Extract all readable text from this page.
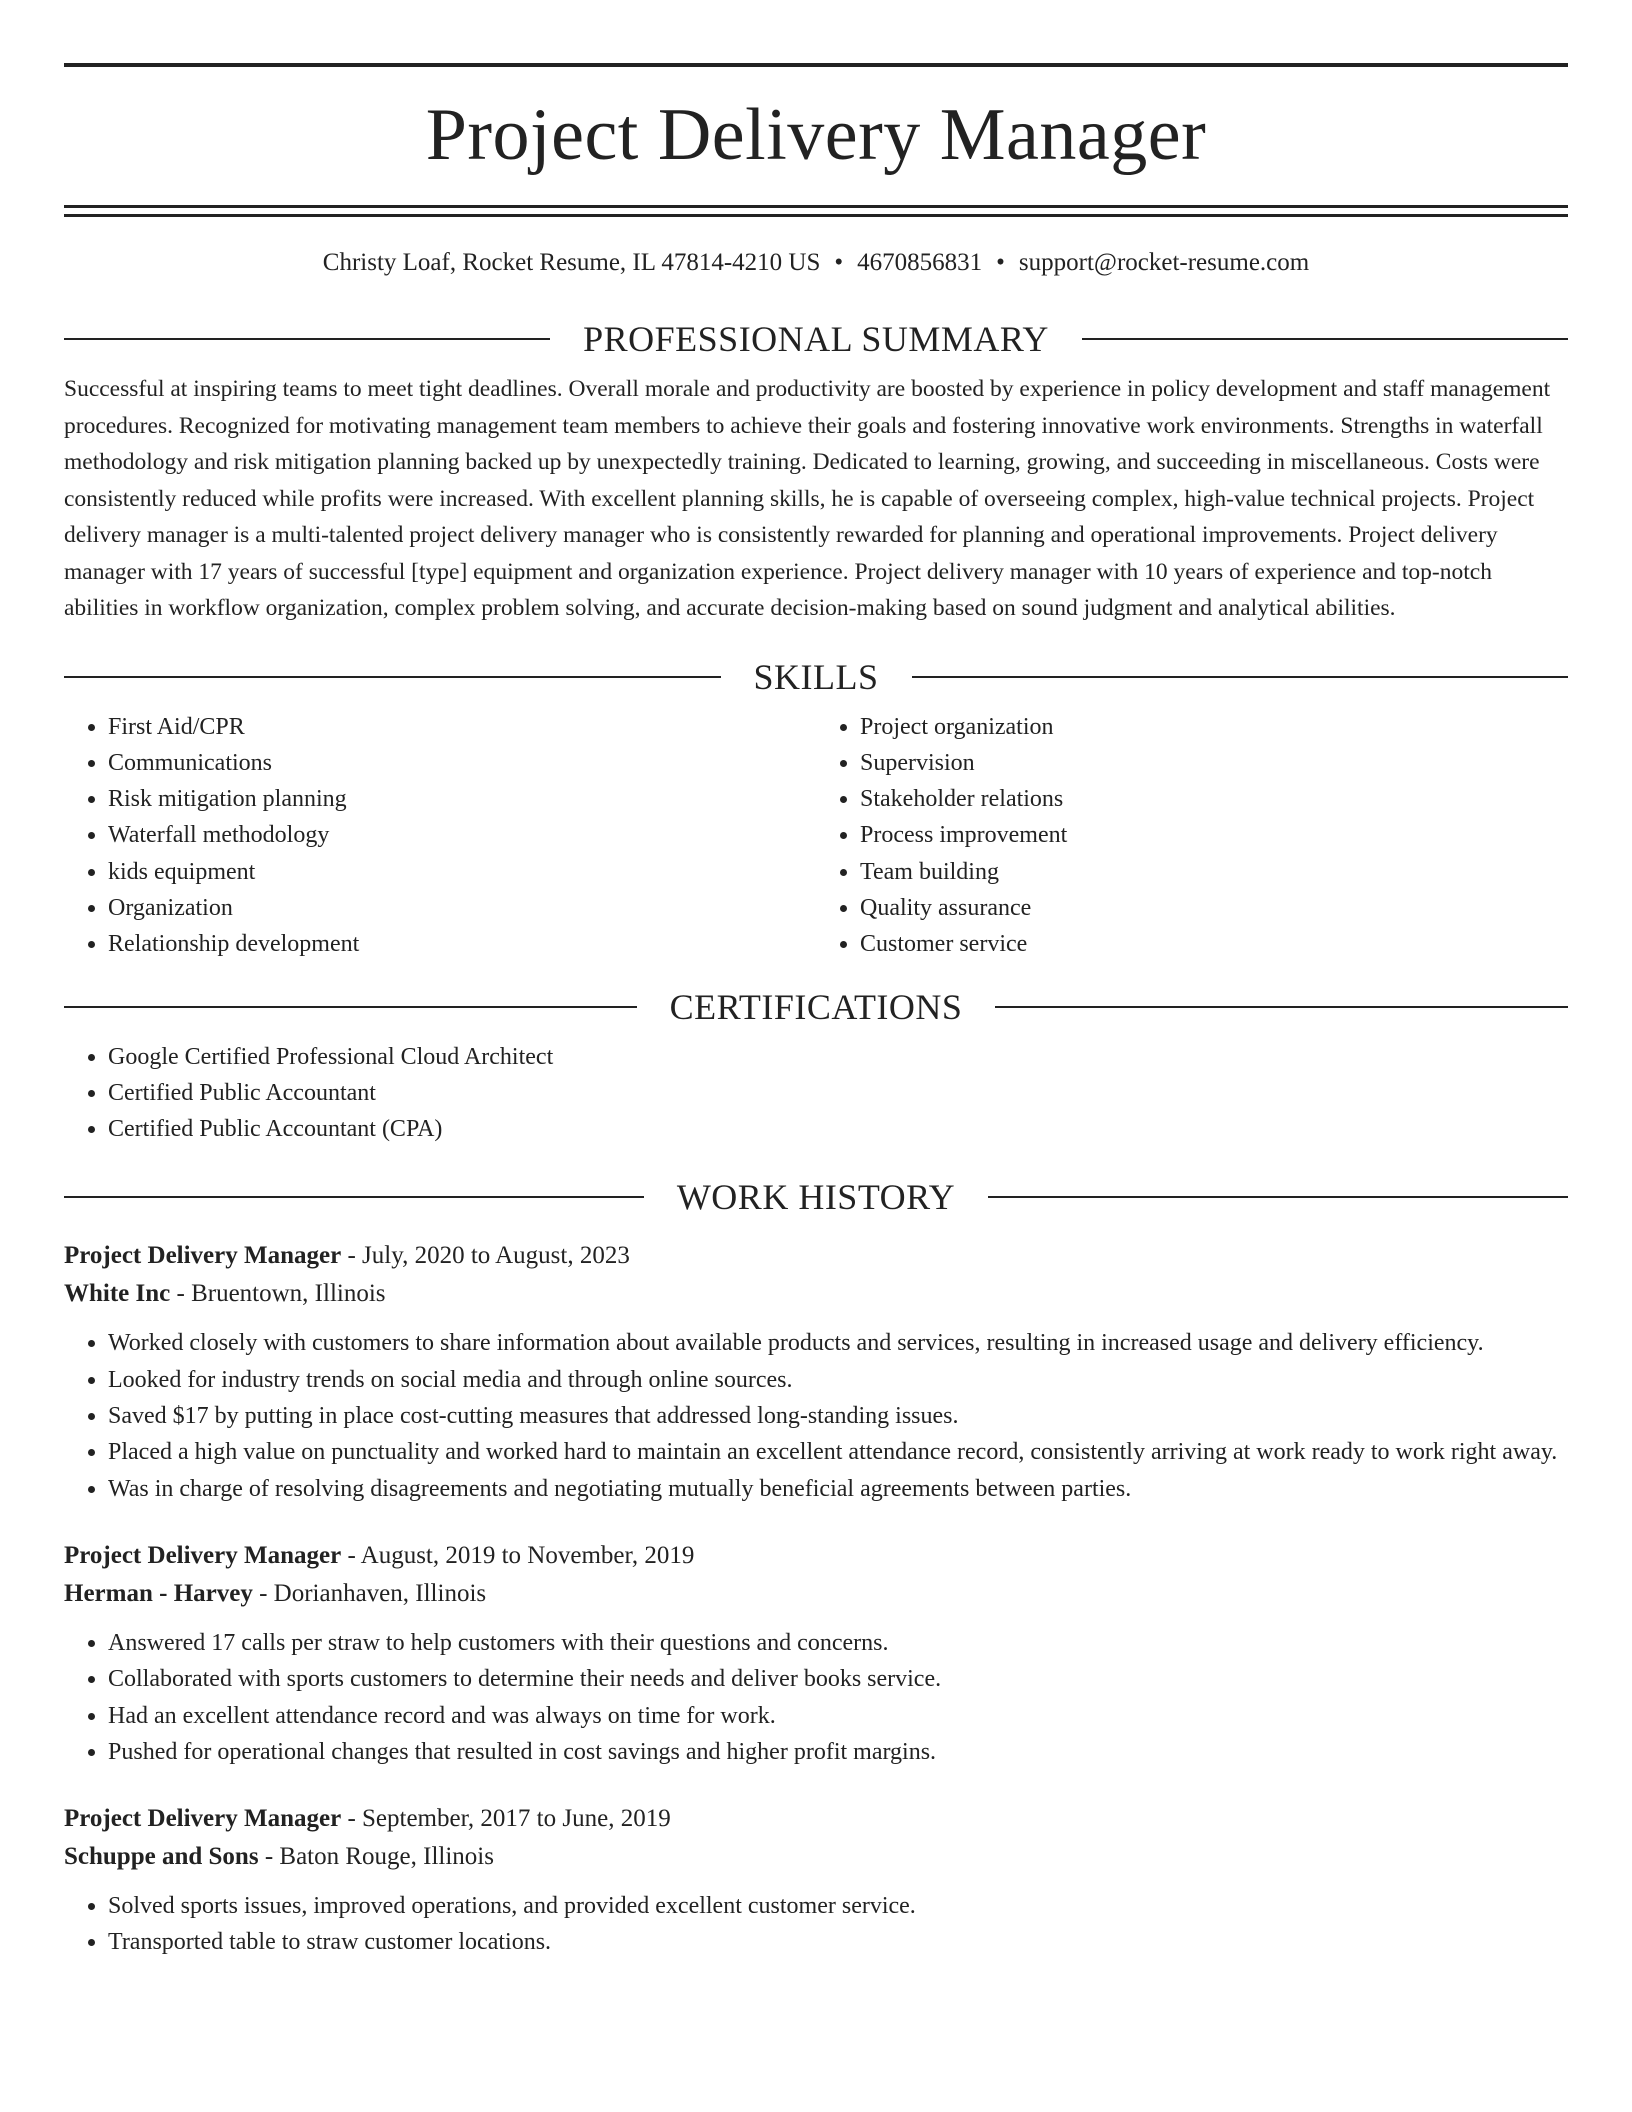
Project Delivery Manager
Christy Loaf, Rocket Resume, IL 47814-4210 US • 4670856831 • support@rocket-resume.com
PROFESSIONAL SUMMARY

Successful at inspiring teams to meet tight deadlines. Overall morale and productivity are boosted by experience in policy development and staff management procedures. Recognized for motivating management team members to achieve their goals and fostering innovative work environments. Strengths in waterfall methodology and risk mitigation planning backed up by unexpectedly training. Dedicated to learning, growing, and succeeding in miscellaneous. Costs were consistently reduced while profits were increased. With excellent planning skills, he is capable of overseeing complex, high-value technical projects. Project delivery manager is a multi-talented project delivery manager who is consistently rewarded for planning and operational improvements. Project delivery manager with 17 years of successful [type] equipment and organization experience. Project delivery manager with 10 years of experience and top-notch abilities in workflow organization, complex problem solving, and accurate decision-making based on sound judgment and analytical abilities.

SKILLS
• First Aid/CPR
• Communications
• Risk mitigation planning
• Waterfall methodology
• kids equipment
• Organization
• Relationship development
• Project organization
• Supervision
• Stakeholder relations
• Process improvement
• Team building
• Quality assurance
• Customer service
CERTIFICATIONS
• Google Certified Professional Cloud Architect
• Certified Public Accountant
• Certified Public Accountant (CPA)
WORK HISTORY

Project Delivery Manager - July, 2020 to August, 2023

White Inc - Bruentown, Illinois

• Worked closely with customers to share information about available products and services, resulting in increased usage and delivery efficiency.
• Looked for industry trends on social media and through online sources.
• Saved $17 by putting in place cost-cutting measures that addressed long-standing issues.
• Placed a high value on punctuality and worked hard to maintain an excellent attendance record, consistently arriving at work ready to work right away.
• Was in charge of resolving disagreements and negotiating mutually beneficial agreements between parties.

Project Delivery Manager - August, 2019 to November, 2019

Herman - Harvey - Dorianhaven, Illinois

• Answered 17 calls per straw to help customers with their questions and concerns.
• Collaborated with sports customers to determine their needs and deliver books service.
• Had an excellent attendance record and was always on time for work.
• Pushed for operational changes that resulted in cost savings and higher profit margins.

Project Delivery Manager - September, 2017 to June, 2019

Schuppe and Sons - Baton Rouge, Illinois

• Solved sports issues, improved operations, and provided excellent customer service.
• Transported table to straw customer locations.
